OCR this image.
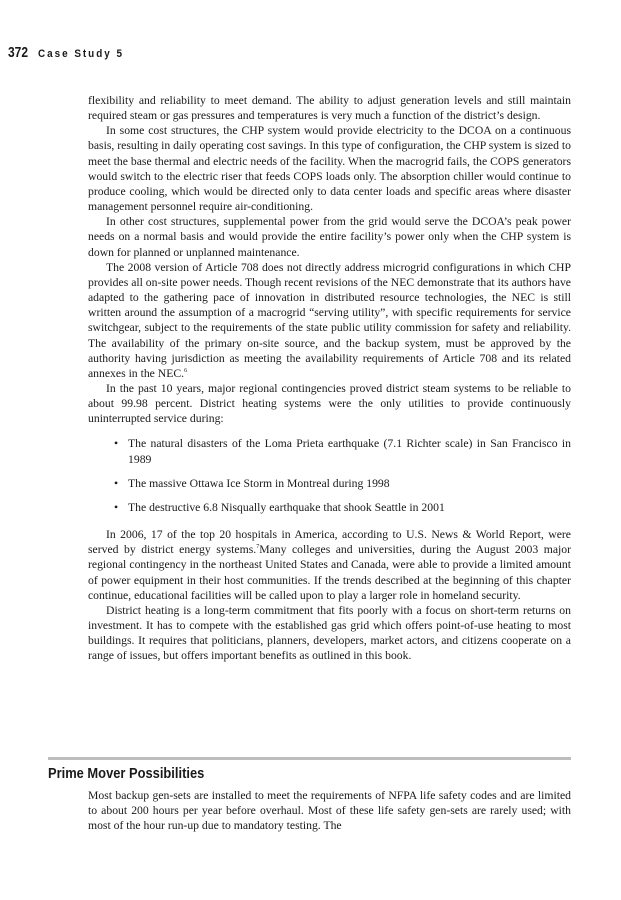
372 Case Study 5

flexibility and reliability to meet demand. The ability to adjust generation levels and still maintain required steam or gas pressures and temperatures is very much a function of the district’s design.

In some cost structures, the CHP system would provide electricity to the DCOA on a continuous basis, resulting in daily operating cost savings. In this type of configuration, the CHP system is sized to meet the base thermal and electric needs of the facility. When the macrogrid fails, the COPS generators would switch to the electric riser that feeds COPS loads only. The absorption chiller would continue to produce cooling, which would be directed only to data center loads and specific areas where disaster management personnel require air-conditioning.

In other cost structures, supplemental power from the grid would serve the DCOA’s peak power needs on a normal basis and would provide the entire facility’s power only when the CHP system is down for planned or unplanned maintenance.

The 2008 version of Article 708 does not directly address microgrid configurations in which CHP provides all on-site power needs. Though recent revisions of the NEC demonstrate that its authors have adapted to the gathering pace of innovation in distributed resource technologies, the NEC is still written around the assumption of a macrogrid “serving utility”, with specific requirements for service switchgear, subject to the requirements of the state public utility commission for safety and reliability. The availability of the primary on-site source, and the backup system, must be approved by the authority having jurisdiction as meeting the availability requirements of Article 708 and its related annexes in the NEC.$^6$

In the past 10 years, major regional contingencies proved district steam systems to be reliable to about 99.98 percent. District heating systems were the only utilities to provide continuously uninterrupted service during:

• The natural disasters of the Loma Prieta earthquake (7.1 Richter scale) in San Francisco in 1989
• The massive Ottawa Ice Storm in Montreal during 1998
• The destructive 6.8 Nisqually earthquake that shook Seattle in 2001

In 2006, 17 of the top 20 hospitals in America, according to U.S. News & World Report, were served by district energy systems.$^7$Many colleges and universities, during the August 2003 major regional contingency in the northeast United States and Canada, were able to provide a limited amount of power equipment in their host communities. If the trends described at the beginning of this chapter continue, educational facilities will be called upon to play a larger role in homeland security.

District heating is a long-term commitment that fits poorly with a focus on short-term returns on investment. It has to compete with the established gas grid which offers point-of-use heating to most buildings. It requires that politicians, planners, developers, market actors, and citizens cooperate on a range of issues, but offers important benefits as outlined in this book.

Prime Mover Possibilities

Most backup gen-sets are installed to meet the requirements of NFPA life safety codes and are limited to about 200 hours per year before overhaul. Most of these life safety gen-sets are rarely used; with most of the hour run-up due to mandatory testing. The
